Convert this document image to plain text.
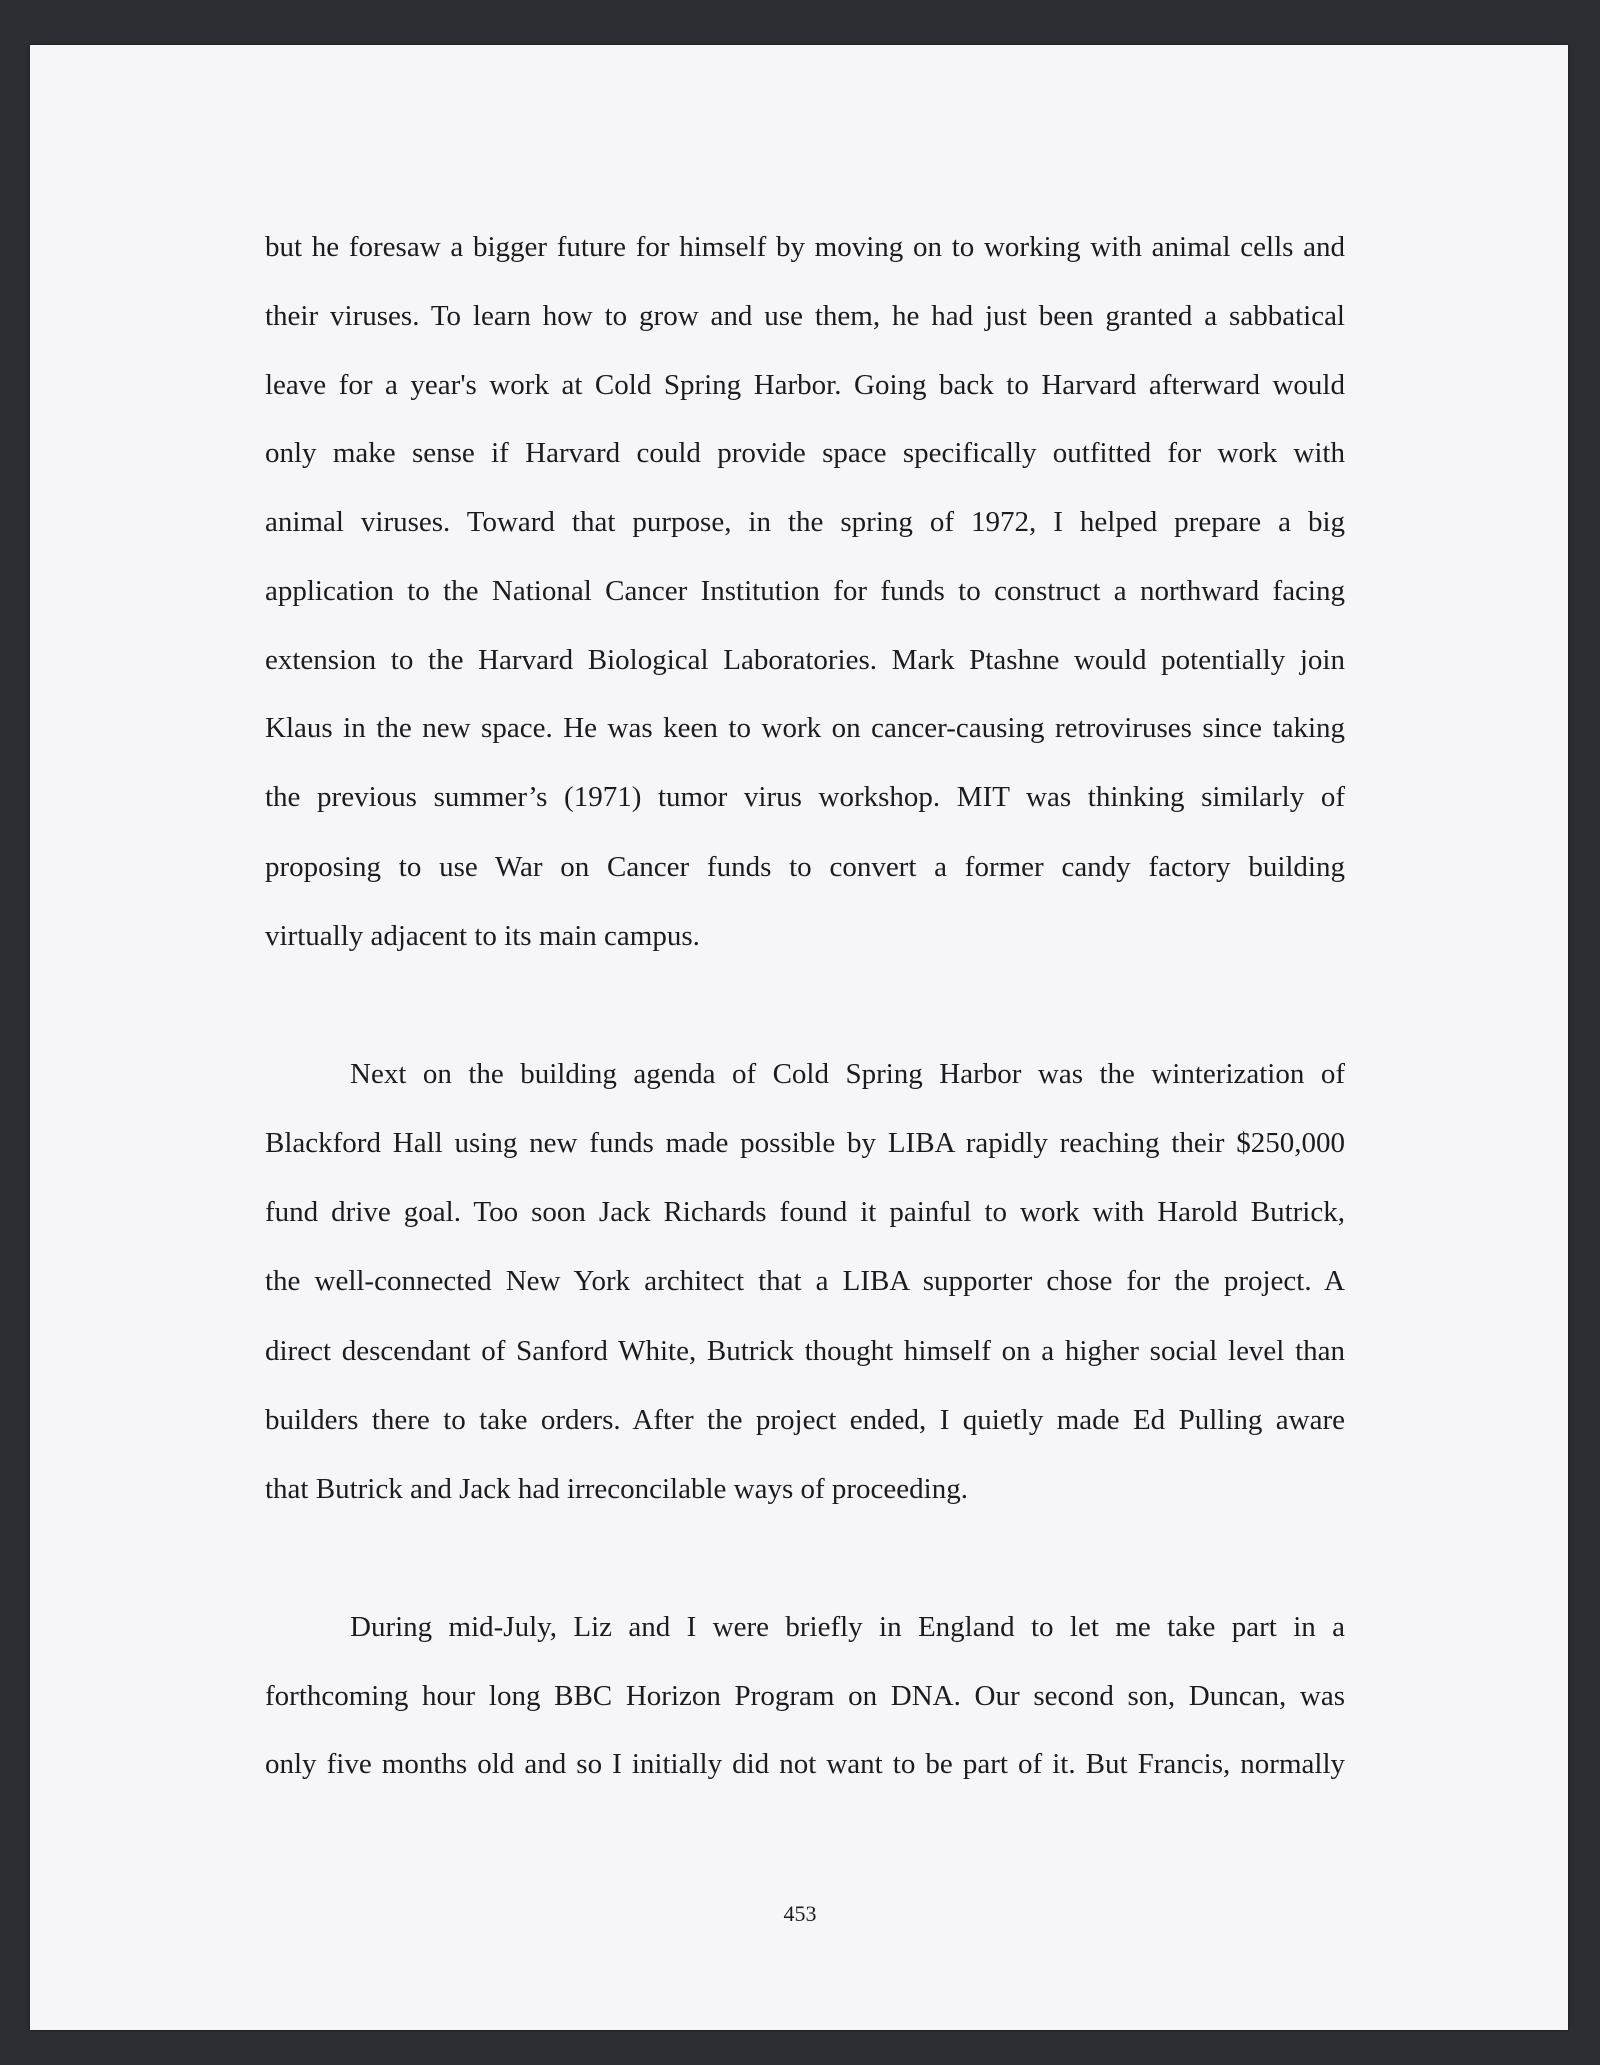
but he foresaw a bigger future for himself by moving on to working with animal cells and
their viruses. To learn how to grow and use them, he had just been granted a sabbatical
leave for a year's work at Cold Spring Harbor. Going back to Harvard afterward would
only make sense if Harvard could provide space specifically outfitted for work with
animal viruses. Toward that purpose, in the spring of 1972, I helped prepare a big
application to the National Cancer Institution for funds to construct a northward facing
extension to the Harvard Biological Laboratories. Mark Ptashne would potentially join
Klaus in the new space. He was keen to work on cancer-causing retroviruses since taking
the previous summer’s (1971) tumor virus workshop. MIT was thinking similarly of
proposing to use War on Cancer funds to convert a former candy factory building
virtually adjacent to its main campus.
Next on the building agenda of Cold Spring Harbor was the winterization of
Blackford Hall using new funds made possible by LIBA rapidly reaching their $250,000
fund drive goal. Too soon Jack Richards found it painful to work with Harold Butrick,
the well-connected New York architect that a LIBA supporter chose for the project. A
direct descendant of Sanford White, Butrick thought himself on a higher social level than
builders there to take orders. After the project ended, I quietly made Ed Pulling aware
that Butrick and Jack had irreconcilable ways of proceeding.
During mid-July, Liz and I were briefly in England to let me take part in a
forthcoming hour long BBC Horizon Program on DNA. Our second son, Duncan, was
only five months old and so I initially did not want to be part of it. But Francis, normally
453
